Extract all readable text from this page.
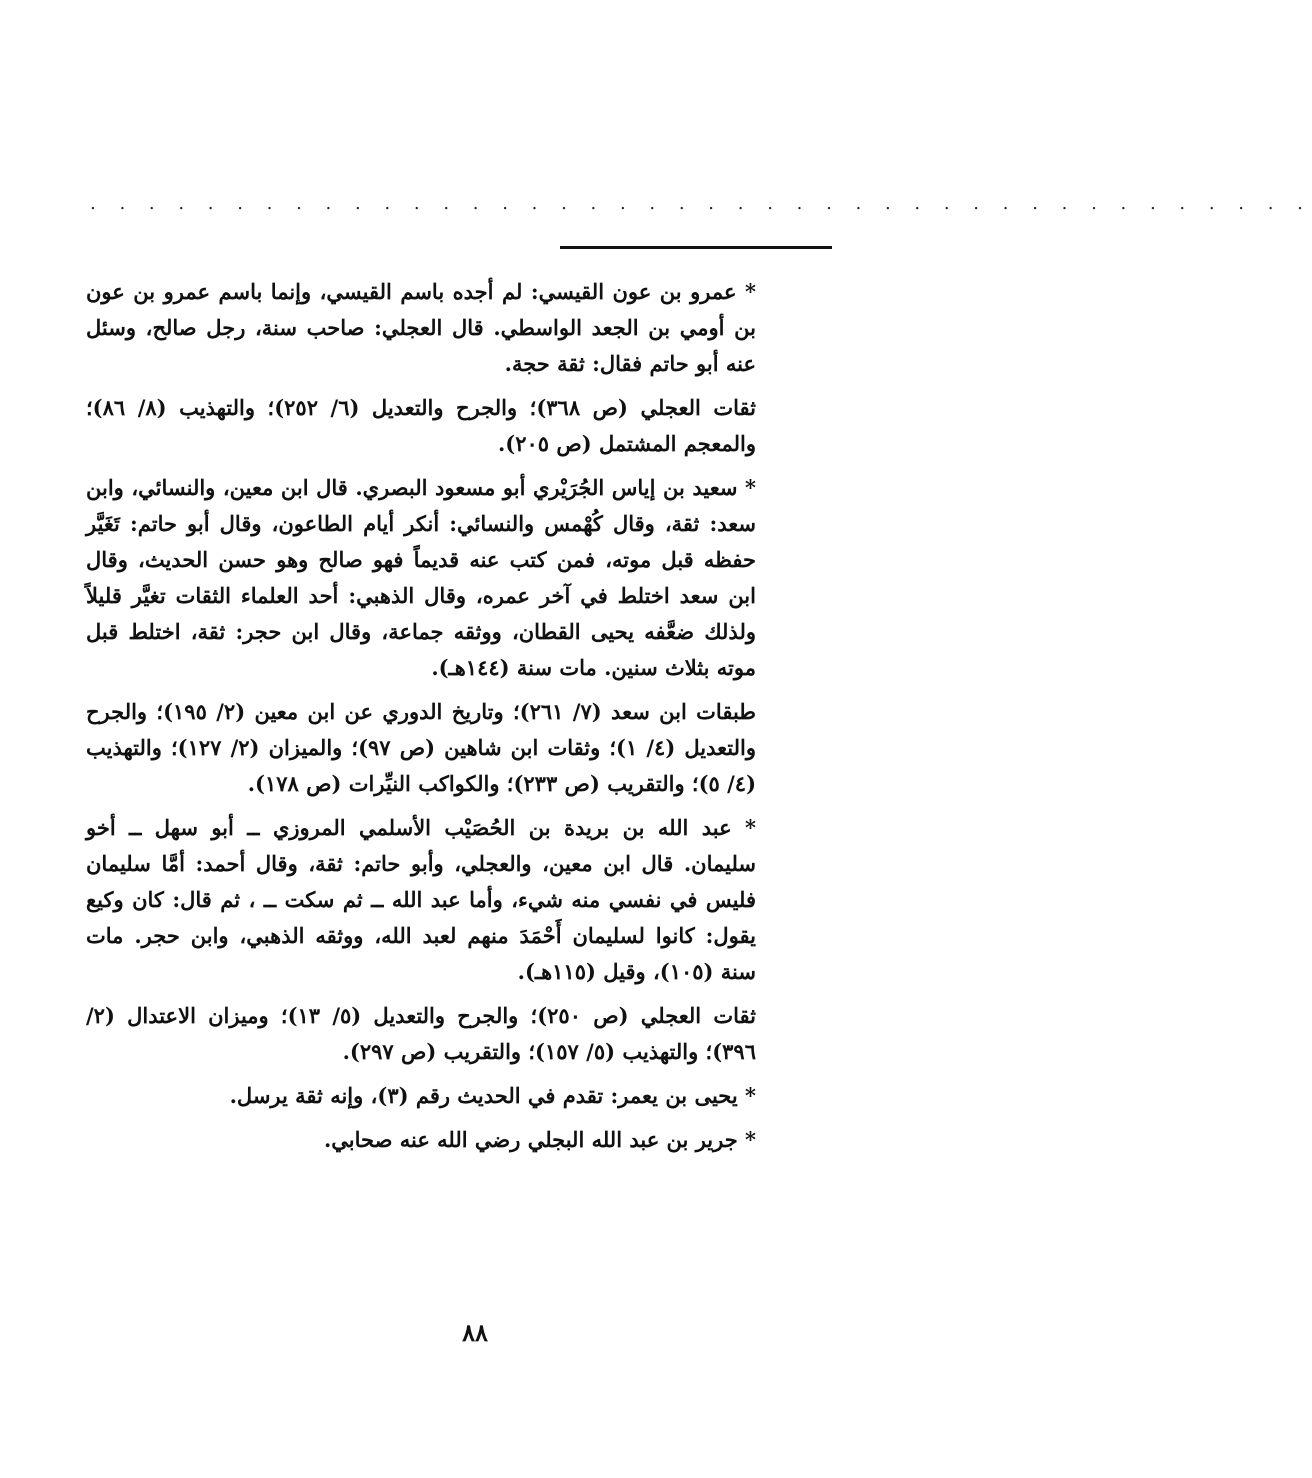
. . . . . . . . . . . . . . . . . . . . . . . . . . . . . . . . . . . . . . . . . .

* عمرو بن عون القيسي: لم أجده باسم القيسي، وإنما باسم عمرو بن عون بن أومي بن الجعد الواسطي. قال العجلي: صاحب سنة، رجل صالح، وسئل عنه أبو حاتم فقال: ثقة حجة.

ثقات العجلي (ص ٣٦٨)؛ والجرح والتعديل (٦/ ٢٥٢)؛ والتهذيب (٨/ ٨٦)؛ والمعجم المشتمل (ص ٢٠٥).

* سعيد بن إياس الجُرَيْري أبو مسعود البصري. قال ابن معين، والنسائي، وابن سعد: ثقة، وقال كُهْمس والنسائي: أنكر أيام الطاعون، وقال أبو حاتم: تَغَيَّر حفظه قبل موته، فمن كتب عنه قديماً فهو صالح وهو حسن الحديث، وقال ابن سعد اختلط في آخر عمره، وقال الذهبي: أحد العلماء الثقات تغيَّر قليلاً ولذلك ضعَّفه يحيى القطان، ووثقه جماعة، وقال ابن حجر: ثقة، اختلط قبل موته بثلاث سنين. مات سنة (١٤٤هـ).

طبقات ابن سعد (٧/ ٢٦١)؛ وتاريخ الدوري عن ابن معين (٢/ ١٩٥)؛ والجرح والتعديل (٤/ ١)؛ وثقات ابن شاهين (ص ٩٧)؛ والميزان (٢/ ١٢٧)؛ والتهذيب (٤/ ٥)؛ والتقريب (ص ٢٣٣)؛ والكواكب النيِّرات (ص ١٧٨).

* عبد الله بن بريدة بن الحُصَيْب الأسلمي المروزي ــ أبو سهل ــ أخو سليمان. قال ابن معين، والعجلي، وأبو حاتم: ثقة، وقال أحمد: أمَّا سليمان فليس في نفسي منه شيء، وأما عبد الله ــ ثم سكت ــ ، ثم قال: كان وكيع يقول: كانوا لسليمان أَحْمَدَ منهم لعبد الله، ووثقه الذهبي، وابن حجر. مات سنة (١٠٥)، وقيل (١١٥هـ).

ثقات العجلي (ص ٢٥٠)؛ والجرح والتعديل (٥/ ١٣)؛ وميزان الاعتدال (٢/ ٣٩٦)؛ والتهذيب (٥/ ١٥٧)؛ والتقريب (ص ٢٩٧).

* يحيى بن يعمر: تقدم في الحديث رقم (٣)، وإنه ثقة يرسل.

* جرير بن عبد الله البجلي رضي الله عنه صحابي.

٨٨
